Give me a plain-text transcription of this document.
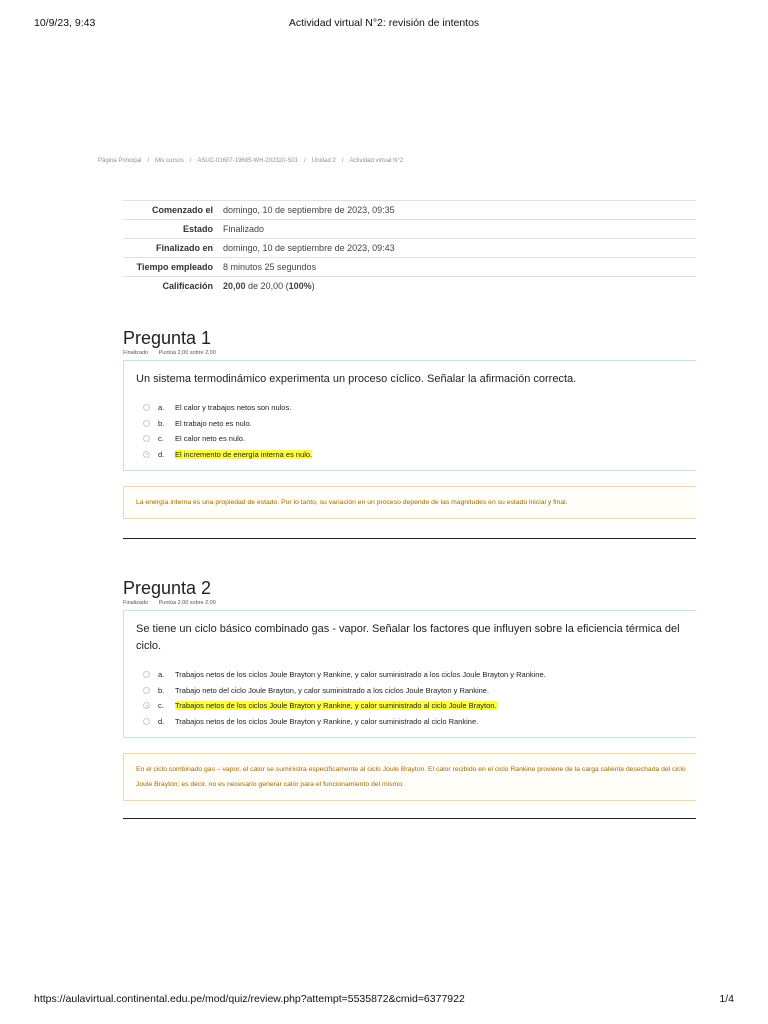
10/9/23, 9:43	Actividad virtual N°2: revisión de intentos
Página Principal / Mis cursos / ASUC-01607-19685-WH-202320-S01 / Unidad 2 / Actividad virtual N°2
Comenzado el	domingo, 10 de septiembre de 2023, 09:35
Estado	Finalizado
Finalizado en	domingo, 10 de septiembre de 2023, 09:43
Tiempo empleado	8 minutos 25 segundos
Calificación	20,00 de 20,00 (100%)
Pregunta 1
Finalizado Puntúa 2,00 sobre 2,00

Un sistema termodinámico experimenta un proceso cíclico. Señalar la afirmación correcta.

a.	El calor y trabajos netos son nulos.
b.	El trabajo neto es nulo.
c.	El calor neto es nulo.
d.	El incremento de energía interna es nulo.
La energía interna es una propiedad de estado. Por lo tanto, su variación en un proceso depende de las magnitudes en su estado inicial y final.
Pregunta 2
Finalizado Puntúa 2,00 sobre 2,00

Se tiene un ciclo básico combinado gas - vapor. Señalar los factores que influyen sobre la eficiencia térmica del ciclo.

a.	Trabajos netos de los ciclos Joule Brayton y Rankine, y calor suministrado a los ciclos Joule Brayton y Rankine.
b.	Trabajo neto del ciclo Joule Brayton, y calor suministrado a los ciclos Joule Brayton y Rankine.
c.	Trabajos netos de los ciclos Joule Brayton y Rankine, y calor suministrado al ciclo Joule Brayton.
d.	Trabajos netos de los ciclos Joule Brayton y Rankine, y calor suministrado al ciclo Rankine.
En el ciclo combinado gas – vapor, el calor se suministra específicamente al ciclo Joule Brayton. El calor recibido en el ciclo Rankine proviene de la carga caliente desechada del ciclo Joule Brayton; es decir, no es necesario generar calor para el funcionamiento del mismo.
https://aulavirtual.continental.edu.pe/mod/quiz/review.php?attempt=5535872&cmid=6377922	1/4
